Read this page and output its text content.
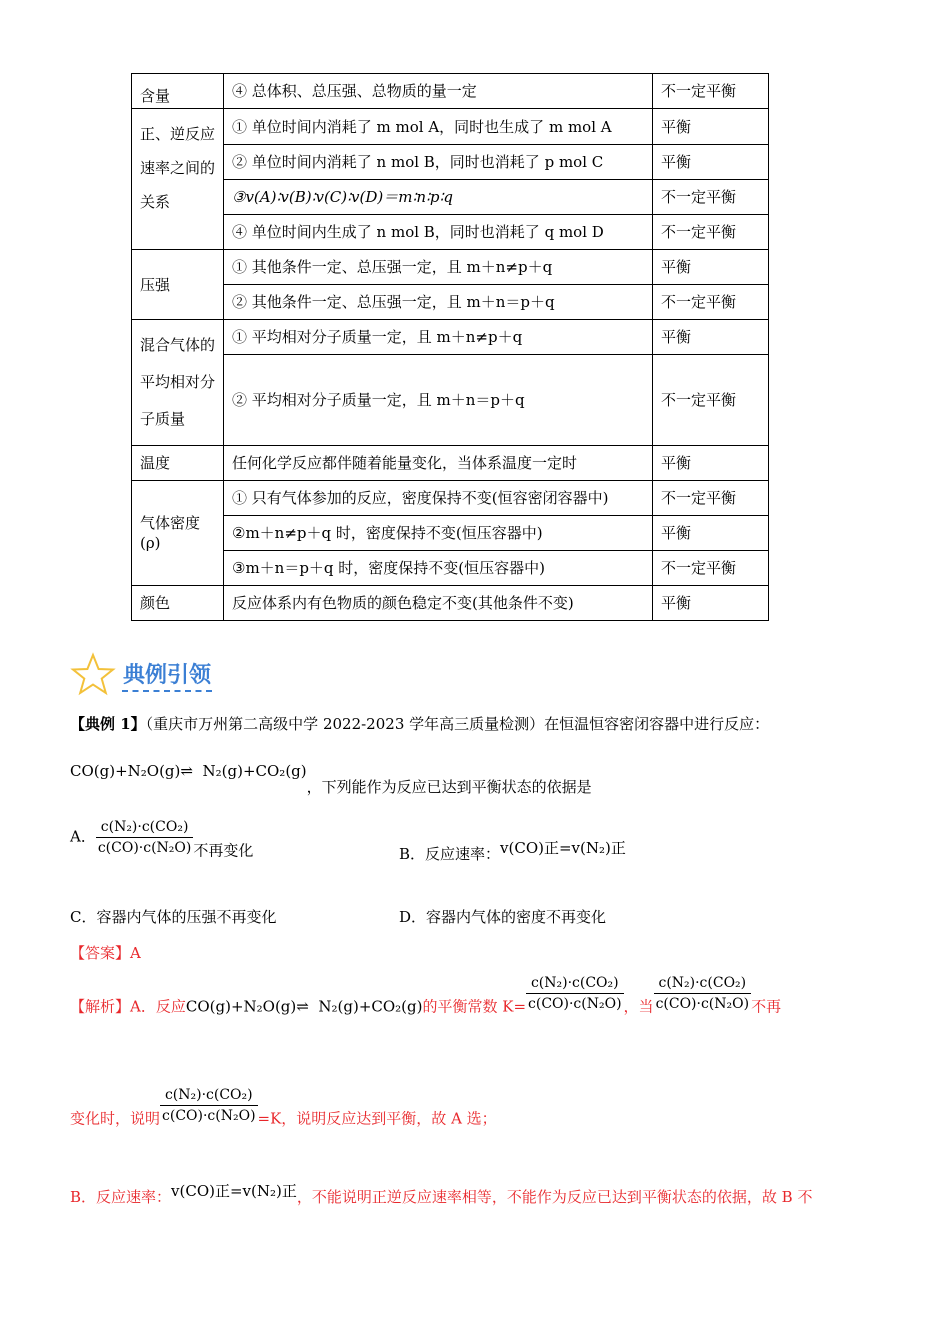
含量	④ 总体积、总压强、总物质的量一定	不一定平衡
正、逆反应速率之间的关系	① 单位时间内消耗了 m mol A，同时也生成了 m mol A	平衡
	② 单位时间内消耗了 n mol B，同时也消耗了 p mol C	平衡
	③v(A)∶v(B)∶v(C)∶v(D)＝m∶n∶p∶q	不一定平衡
	④ 单位时间内生成了 n mol B，同时也消耗了 q mol D	不一定平衡
压强	① 其他条件一定、总压强一定，且 m＋n≠p＋q	平衡
	② 其他条件一定、总压强一定，且 m＋n＝p＋q	不一定平衡
混合气体的平均相对分子质量	① 平均相对分子质量一定，且 m＋n≠p＋q	平衡
	② 平均相对分子质量一定，且 m＋n＝p＋q	不一定平衡
温度	任何化学反应都伴随着能量变化，当体系温度一定时	平衡
气体密度(ρ)	① 只有气体参加的反应，密度保持不变(恒容密闭容器中)	不一定平衡
	②m＋n≠p＋q 时，密度保持不变(恒压容器中)	平衡
	③m＋n＝p＋q 时，密度保持不变(恒压容器中)	不一定平衡
颜色	反应体系内有色物质的颜色稳定不变(其他条件不变)	平衡
典例引领
【典例 1】（重庆市万州第二高级中学 2022-2023 学年高三质量检测）在恒温恒容密闭容器中进行反应：
CO(g)+N₂O(g)⇌ N₂(g)+CO₂(g)，下列能作为反应已达到平衡状态的依据是
A． $\frac{\text{c(N₂)·c(CO₂)}}{\text{c(CO)·c(N₂O)}}$ 不再变化	B．反应速率：v(CO)正=v(N₂)正
C．容器内气体的压强不再变化	D．容器内气体的密度不再变化
【答案】A
【解析】A．反应CO(g)+N₂O(g)⇌ N₂(g)+CO₂(g)的平衡常数 $K= \frac{\text{c(N₂)·c(CO₂)}}{\text{c(CO)·c(N₂O)}}$ ，当 $\frac{\text{c(N₂)·c(CO₂)}}{\text{c(CO)·c(N₂O)}}$ 不再
变化时，说明 $\frac{\text{c(N₂)·c(CO₂)}}{\text{c(CO)·c(N₂O)}} =K$，说明反应达到平衡，故 A 选；
B．反应速率：v(CO)正=v(N₂)正，不能说明正逆反应速率相等，不能作为反应已达到平衡状态的依据，故 B 不
